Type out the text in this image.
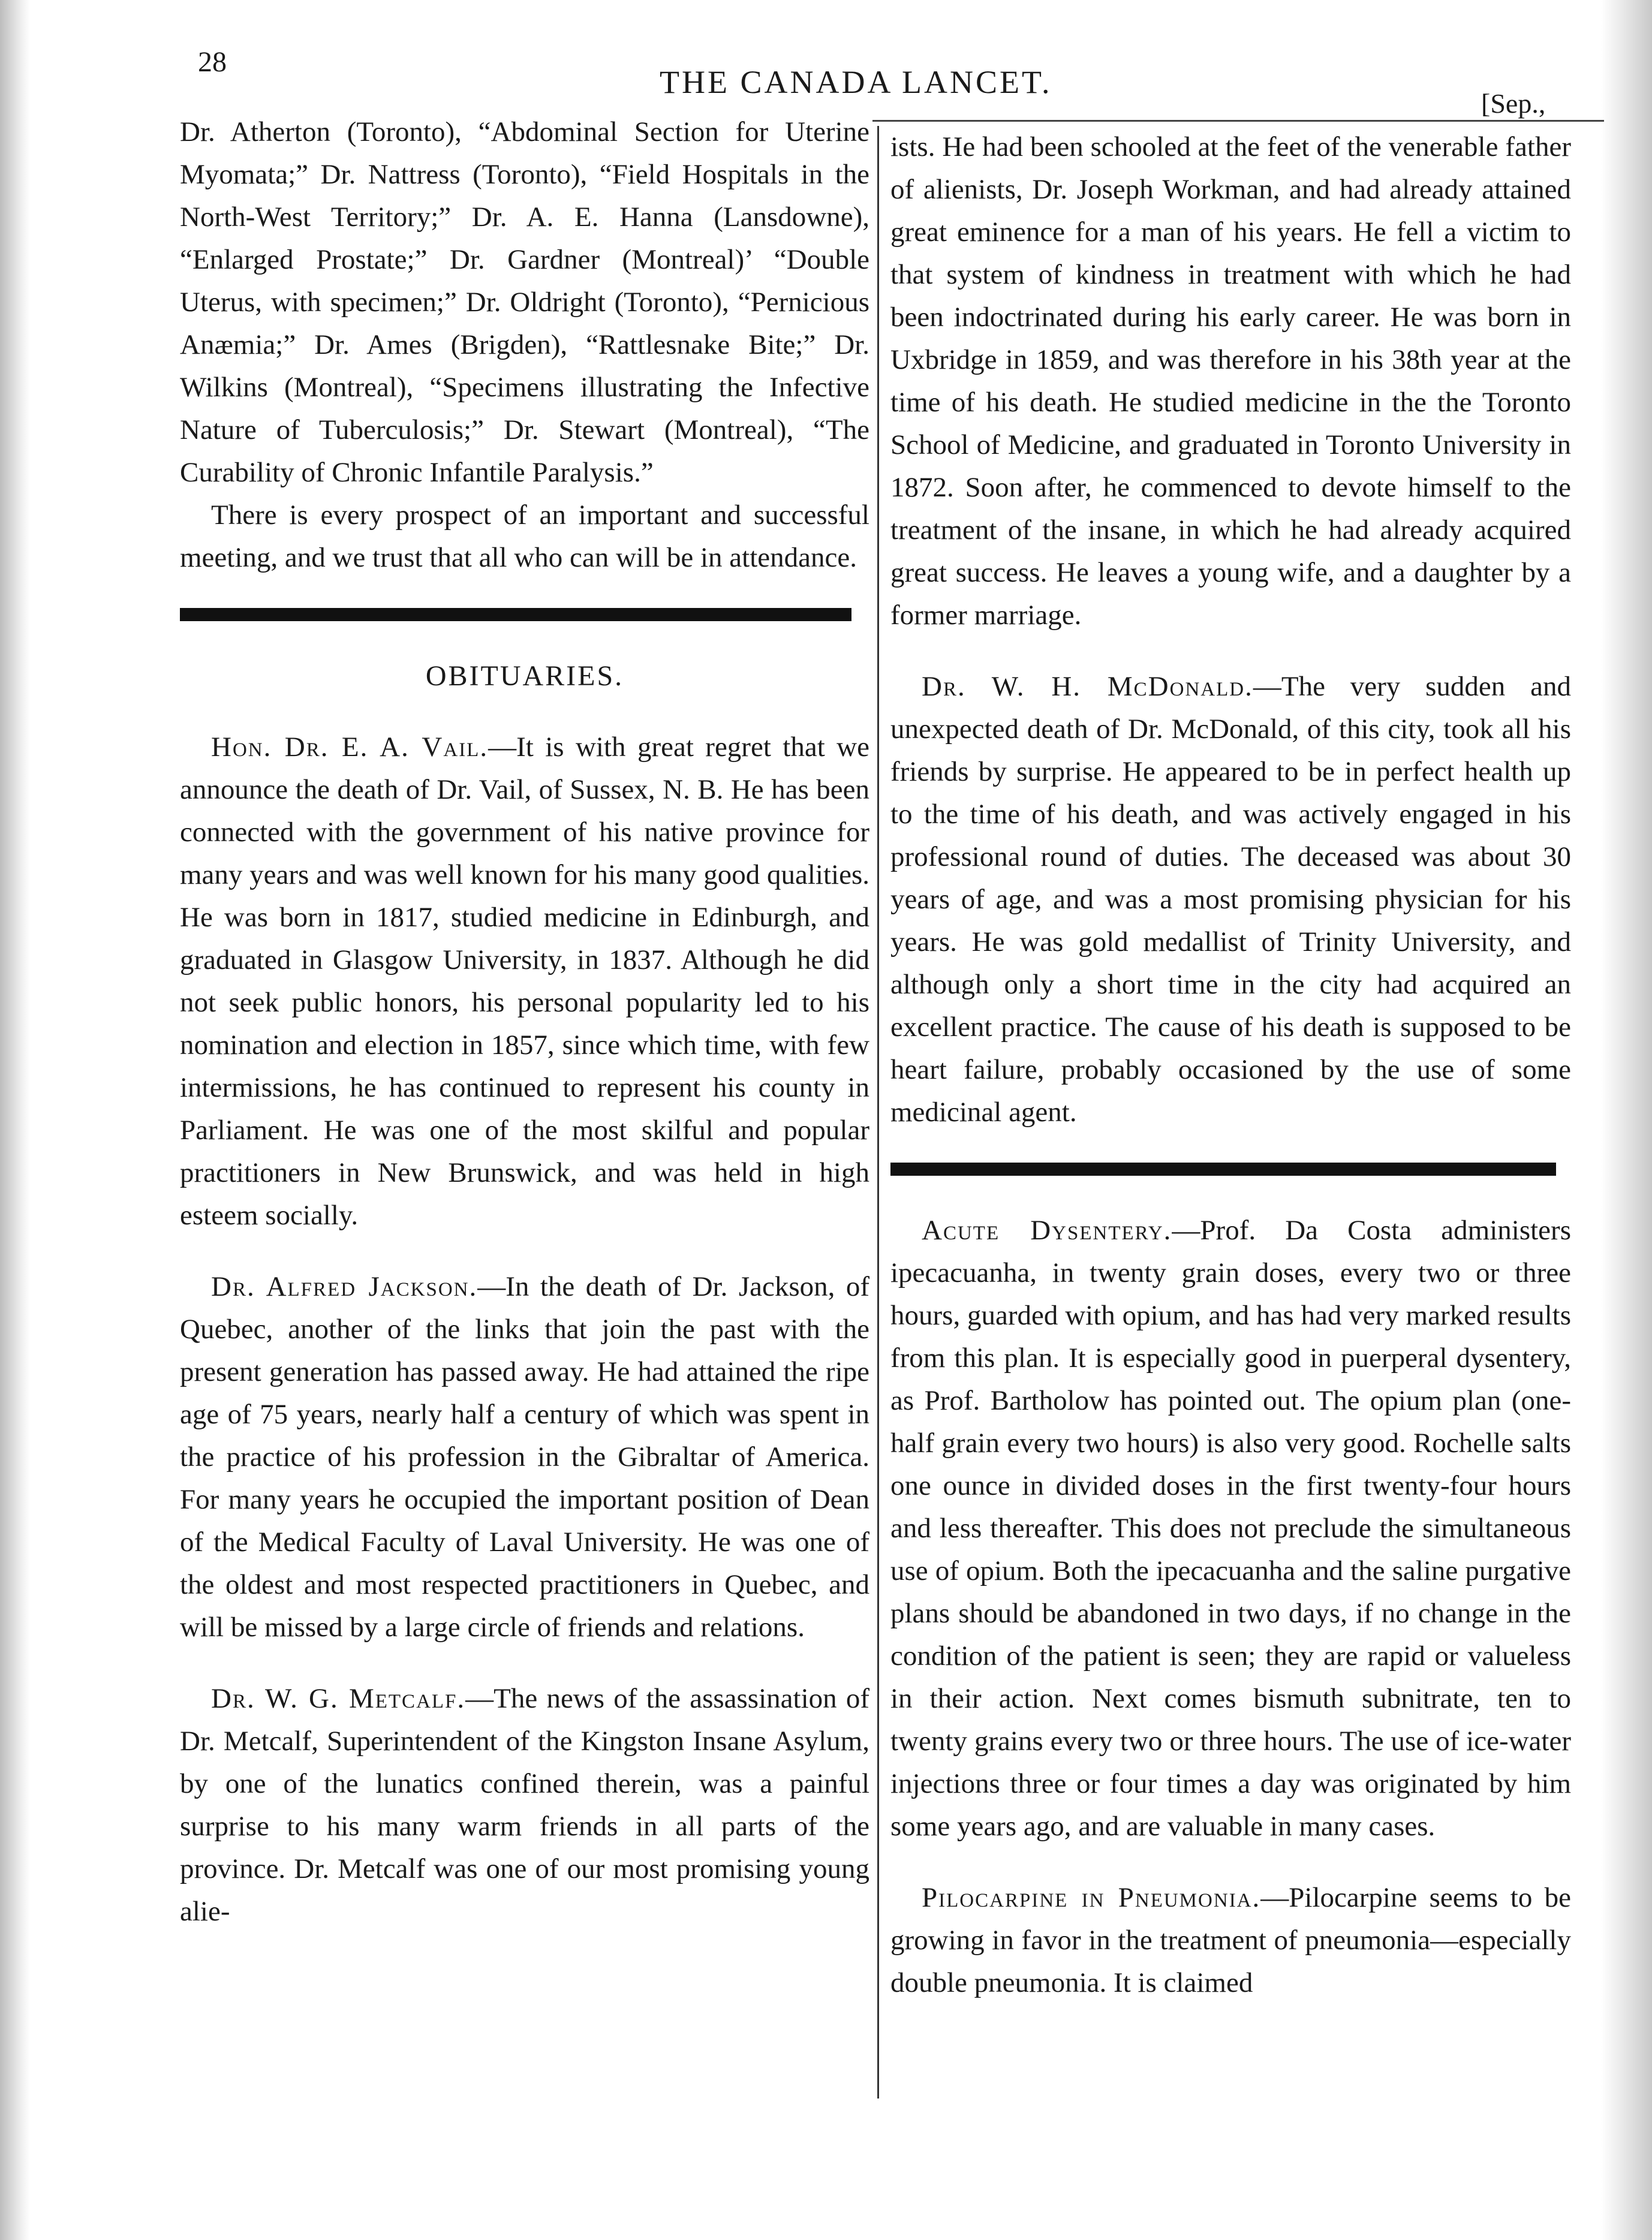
28
THE CANADA LANCET.
[Sep.,

Dr. Atherton (Toronto), “Abdominal Section for Uterine Myomata;” Dr. Nattress (Toronto), “Field Hospitals in the North-West Territory;” Dr. A. E. Hanna (Lansdowne), “Enlarged Prostate;” Dr. Gardner (Montreal)’ “Double Uterus, with specimen;” Dr. Oldright (Toronto), “Pernicious Anæmia;” Dr. Ames (Brigden), “Rattlesnake Bite;” Dr. Wilkins (Montreal), “Specimens illustrating the Infective Nature of Tuberculosis;” Dr. Stewart (Montreal), “The Curability of Chronic Infantile Paralysis.”

There is every prospect of an important and successful meeting, and we trust that all who can will be in attendance.

OBITUARIES.

Hon. Dr. E. A. Vail.—It is with great regret that we announce the death of Dr. Vail, of Sussex, N. B. He has been connected with the government of his native province for many years and was well known for his many good qualities. He was born in 1817, studied medicine in Edinburgh, and graduated in Glasgow University, in 1837. Although he did not seek public honors, his personal popularity led to his nomination and election in 1857, since which time, with few intermissions, he has continued to represent his county in Parliament. He was one of the most skilful and popular practitioners in New Brunswick, and was held in high esteem socially.

Dr. Alfred Jackson.—In the death of Dr. Jackson, of Quebec, another of the links that join the past with the present generation has passed away. He had attained the ripe age of 75 years, nearly half a century of which was spent in the practice of his profession in the Gibraltar of America. For many years he occupied the important position of Dean of the Medical Faculty of Laval University. He was one of the oldest and most respected practitioners in Quebec, and will be missed by a large circle of friends and relations.

Dr. W. G. Metcalf.—The news of the assassination of Dr. Metcalf, Superintendent of the Kingston Insane Asylum, by one of the lunatics confined therein, was a painful surprise to his many warm friends in all parts of the province. Dr. Metcalf was one of our most promising young alie-

ists. He had been schooled at the feet of the venerable father of alienists, Dr. Joseph Workman, and had already attained great eminence for a man of his years. He fell a victim to that system of kindness in treatment with which he had been indoctrinated during his early career. He was born in Uxbridge in 1859, and was therefore in his 38th year at the time of his death. He studied medicine in the the Toronto School of Medicine, and graduated in Toronto University in 1872. Soon after, he commenced to devote himself to the treatment of the insane, in which he had already acquired great success. He leaves a young wife, and a daughter by a former marriage.

Dr. W. H. McDonald.—The very sudden and unexpected death of Dr. McDonald, of this city, took all his friends by surprise. He appeared to be in perfect health up to the time of his death, and was actively engaged in his professional round of duties. The deceased was about 30 years of age, and was a most promising physician for his years. He was gold medallist of Trinity University, and although only a short time in the city had acquired an excellent practice. The cause of his death is supposed to be heart failure, probably occasioned by the use of some medicinal agent.

Acute Dysentery.—Prof. Da Costa administers ipecacuanha, in twenty grain doses, every two or three hours, guarded with opium, and has had very marked results from this plan. It is especially good in puerperal dysentery, as Prof. Bartholow has pointed out. The opium plan (one-half grain every two hours) is also very good. Rochelle salts one ounce in divided doses in the first twenty-four hours and less thereafter. This does not preclude the simultaneous use of opium. Both the ipecacuanha and the saline purgative plans should be abandoned in two days, if no change in the condition of the patient is seen; they are rapid or valueless in their action. Next comes bismuth subnitrate, ten to twenty grains every two or three hours. The use of ice-water injections three or four times a day was originated by him some years ago, and are valuable in many cases.

Pilocarpine in Pneumonia.—Pilocarpine seems to be growing in favor in the treatment of pneumonia—especially double pneumonia. It is claimed
